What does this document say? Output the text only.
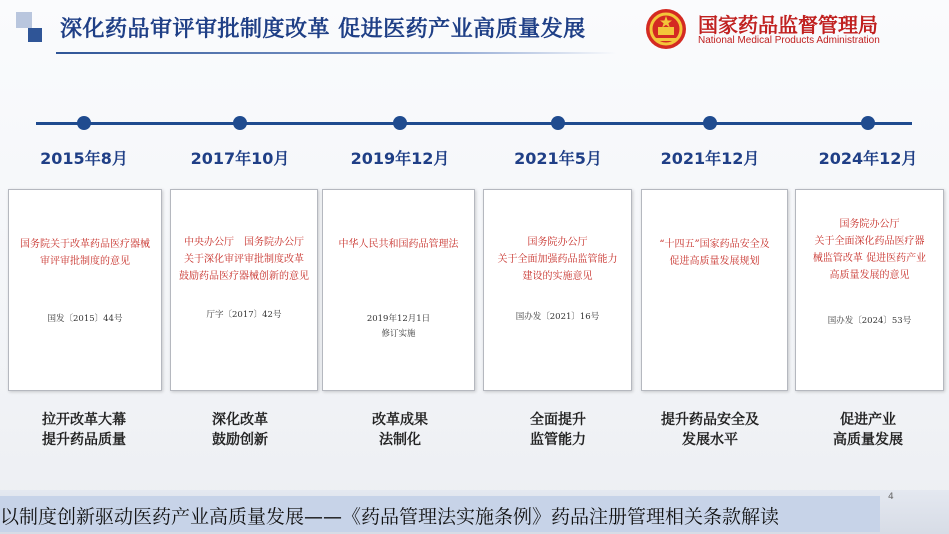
深化药品审评审批制度改革 促进医药产业高质量发展	国家药品监督管理局
National Medical Products Administration
2015年8月
国务院关于改革药品医疗器械
审评审批制度的意见
国发〔2015〕44号
拉开改革大幕
提升药品质量
2017年10月
中央办公厅　国务院办公厅
关于深化审评审批制度改革
鼓励药品医疗器械创新的意见
厅字〔2017〕42号
深化改革
鼓励创新
2019年12月
中华人民共和国药品管理法
2019年12月1日
修订实施
改革成果
法制化
2021年5月
国务院办公厅
关于全面加强药品监管能力
建设的实施意见
国办发〔2021〕16号
全面提升
监管能力
2021年12月
“十四五”国家药品安全及
促进高质量发展规划
提升药品安全及
发展水平
2024年12月
国务院办公厅
关于全面深化药品医疗器
械监管改革 促进医药产业
高质量发展的意见
国办发〔2024〕53号
促进产业
高质量发展
以制度创新驱动医药产业高质量发展——《药品管理法实施条例》药品注册管理相关条款解读
4
